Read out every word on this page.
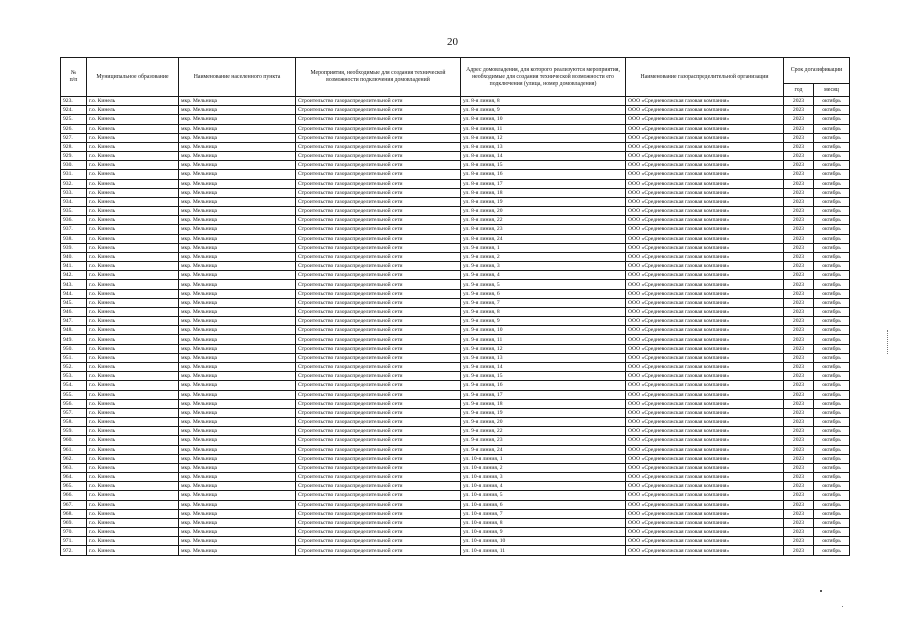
20
№
п/п	Муниципальное образование	Наименование населенного пункта	Мероприятия, необходимые для создания технической возможности подключения домовладений	Адрес домовладения, для которого реализуются мероприятия, необходимые для создания технической возможности его подключения (улица, номер домовладения)	Наименование газораспределительной организации	Срок догазификации	
						год	месяц
923.	г.о. Кинель	мкр. Мельница	Строительство газораспределительной сети	ул. 8-я линия, 8	ООО «Средневолжская газовая компания»	2023	октябрь
924.	г.о. Кинель	мкр. Мельница	Строительство газораспределительной сети	ул. 8-я линия, 9	ООО «Средневолжская газовая компания»	2023	октябрь
925.	г.о. Кинель	мкр. Мельница	Строительство газораспределительной сети	ул. 8-я линия, 10	ООО «Средневолжская газовая компания»	2023	октябрь
926.	г.о. Кинель	мкр. Мельница	Строительство газораспределительной сети	ул. 8-я линия, 11	ООО «Средневолжская газовая компания»	2023	октябрь
927.	г.о. Кинель	мкр. Мельница	Строительство газораспределительной сети	ул. 8-я линия, 12	ООО «Средневолжская газовая компания»	2023	октябрь
928.	г.о. Кинель	мкр. Мельница	Строительство газораспределительной сети	ул. 8-я линия, 13	ООО «Средневолжская газовая компания»	2023	октябрь
929.	г.о. Кинель	мкр. Мельница	Строительство газораспределительной сети	ул. 8-я линия, 14	ООО «Средневолжская газовая компания»	2023	октябрь
930.	г.о. Кинель	мкр. Мельница	Строительство газораспределительной сети	ул. 8-я линия, 15	ООО «Средневолжская газовая компания»	2023	октябрь
931.	г.о. Кинель	мкр. Мельница	Строительство газораспределительной сети	ул. 8-я линия, 16	ООО «Средневолжская газовая компания»	2023	октябрь
932.	г.о. Кинель	мкр. Мельница	Строительство газораспределительной сети	ул. 8-я линия, 17	ООО «Средневолжская газовая компания»	2023	октябрь
933.	г.о. Кинель	мкр. Мельница	Строительство газораспределительной сети	ул. 8-я линия, 18	ООО «Средневолжская газовая компания»	2023	октябрь
934.	г.о. Кинель	мкр. Мельница	Строительство газораспределительной сети	ул. 8-я линия, 19	ООО «Средневолжская газовая компания»	2023	октябрь
935.	г.о. Кинель	мкр. Мельница	Строительство газораспределительной сети	ул. 8-я линия, 20	ООО «Средневолжская газовая компания»	2023	октябрь
936.	г.о. Кинель	мкр. Мельница	Строительство газораспределительной сети	ул. 8-я линия, 22	ООО «Средневолжская газовая компания»	2023	октябрь
937.	г.о. Кинель	мкр. Мельница	Строительство газораспределительной сети	ул. 8-я линия, 23	ООО «Средневолжская газовая компания»	2023	октябрь
938.	г.о. Кинель	мкр. Мельница	Строительство газораспределительной сети	ул. 8-я линия, 24	ООО «Средневолжская газовая компания»	2023	октябрь
939.	г.о. Кинель	мкр. Мельница	Строительство газораспределительной сети	ул. 9-я линия, 1	ООО «Средневолжская газовая компания»	2023	октябрь
940.	г.о. Кинель	мкр. Мельница	Строительство газораспределительной сети	ул. 9-я линия, 2	ООО «Средневолжская газовая компания»	2023	октябрь
941.	г.о. Кинель	мкр. Мельница	Строительство газораспределительной сети	ул. 9-я линия, 3	ООО «Средневолжская газовая компания»	2023	октябрь
942.	г.о. Кинель	мкр. Мельница	Строительство газораспределительной сети	ул. 9-я линия, 4	ООО «Средневолжская газовая компания»	2023	октябрь
943.	г.о. Кинель	мкр. Мельница	Строительство газораспределительной сети	ул. 9-я линия, 5	ООО «Средневолжская газовая компания»	2023	октябрь
944.	г.о. Кинель	мкр. Мельница	Строительство газораспределительной сети	ул. 9-я линия, 6	ООО «Средневолжская газовая компания»	2023	октябрь
945.	г.о. Кинель	мкр. Мельница	Строительство газораспределительной сети	ул. 9-я линия, 7	ООО «Средневолжская газовая компания»	2023	октябрь
946.	г.о. Кинель	мкр. Мельница	Строительство газораспределительной сети	ул. 9-я линия, 8	ООО «Средневолжская газовая компания»	2023	октябрь
947.	г.о. Кинель	мкр. Мельница	Строительство газораспределительной сети	ул. 9-я линия, 9	ООО «Средневолжская газовая компания»	2023	октябрь
948.	г.о. Кинель	мкр. Мельница	Строительство газораспределительной сети	ул. 9-я линия, 10	ООО «Средневолжская газовая компания»	2023	октябрь
949.	г.о. Кинель	мкр. Мельница	Строительство газораспределительной сети	ул. 9-я линия, 11	ООО «Средневолжская газовая компания»	2023	октябрь
950.	г.о. Кинель	мкр. Мельница	Строительство газораспределительной сети	ул. 9-я линия, 12	ООО «Средневолжская газовая компания»	2023	октябрь
951.	г.о. Кинель	мкр. Мельница	Строительство газораспределительной сети	ул. 9-я линия, 13	ООО «Средневолжская газовая компания»	2023	октябрь
952.	г.о. Кинель	мкр. Мельница	Строительство газораспределительной сети	ул. 9-я линия, 14	ООО «Средневолжская газовая компания»	2023	октябрь
953.	г.о. Кинель	мкр. Мельница	Строительство газораспределительной сети	ул. 9-я линия, 15	ООО «Средневолжская газовая компания»	2023	октябрь
954.	г.о. Кинель	мкр. Мельница	Строительство газораспределительной сети	ул. 9-я линия, 16	ООО «Средневолжская газовая компания»	2023	октябрь
955.	г.о. Кинель	мкр. Мельница	Строительство газораспределительной сети	ул. 9-я линия, 17	ООО «Средневолжская газовая компания»	2023	октябрь
956.	г.о. Кинель	мкр. Мельница	Строительство газораспределительной сети	ул. 9-я линия, 18	ООО «Средневолжская газовая компания»	2023	октябрь
957.	г.о. Кинель	мкр. Мельница	Строительство газораспределительной сети	ул. 9-я линия, 19	ООО «Средневолжская газовая компания»	2023	октябрь
958.	г.о. Кинель	мкр. Мельница	Строительство газораспределительной сети	ул. 9-я линия, 20	ООО «Средневолжская газовая компания»	2023	октябрь
959.	г.о. Кинель	мкр. Мельница	Строительство газораспределительной сети	ул. 9-я линия, 22	ООО «Средневолжская газовая компания»	2023	октябрь
960.	г.о. Кинель	мкр. Мельница	Строительство газораспределительной сети	ул. 9-я линия, 23	ООО «Средневолжская газовая компания»	2023	октябрь
961.	г.о. Кинель	мкр. Мельница	Строительство газораспределительной сети	ул. 9-я линия, 24	ООО «Средневолжская газовая компания»	2023	октябрь
962.	г.о. Кинель	мкр. Мельница	Строительство газораспределительной сети	ул. 10-я линия, 1	ООО «Средневолжская газовая компания»	2023	октябрь
963.	г.о. Кинель	мкр. Мельница	Строительство газораспределительной сети	ул. 10-я линия, 2	ООО «Средневолжская газовая компания»	2023	октябрь
964.	г.о. Кинель	мкр. Мельница	Строительство газораспределительной сети	ул. 10-я линия, 3	ООО «Средневолжская газовая компания»	2023	октябрь
965.	г.о. Кинель	мкр. Мельница	Строительство газораспределительной сети	ул. 10-я линия, 4	ООО «Средневолжская газовая компания»	2023	октябрь
966.	г.о. Кинель	мкр. Мельница	Строительство газораспределительной сети	ул. 10-я линия, 5	ООО «Средневолжская газовая компания»	2023	октябрь
967.	г.о. Кинель	мкр. Мельница	Строительство газораспределительной сети	ул. 10-я линия, 6	ООО «Средневолжская газовая компания»	2023	октябрь
968.	г.о. Кинель	мкр. Мельница	Строительство газораспределительной сети	ул. 10-я линия, 7	ООО «Средневолжская газовая компания»	2023	октябрь
969.	г.о. Кинель	мкр. Мельница	Строительство газораспределительной сети	ул. 10-я линия, 8	ООО «Средневолжская газовая компания»	2023	октябрь
970.	г.о. Кинель	мкр. Мельница	Строительство газораспределительной сети	ул. 10-я линия, 9	ООО «Средневолжская газовая компания»	2023	октябрь
971.	г.о. Кинель	мкр. Мельница	Строительство газораспределительной сети	ул. 10-я линия, 10	ООО «Средневолжская газовая компания»	2023	октябрь
972.	г.о. Кинель	мкр. Мельница	Строительство газораспределительной сети	ул. 10-я линия, 11	ООО «Средневолжская газовая компания»	2023	октябрь
